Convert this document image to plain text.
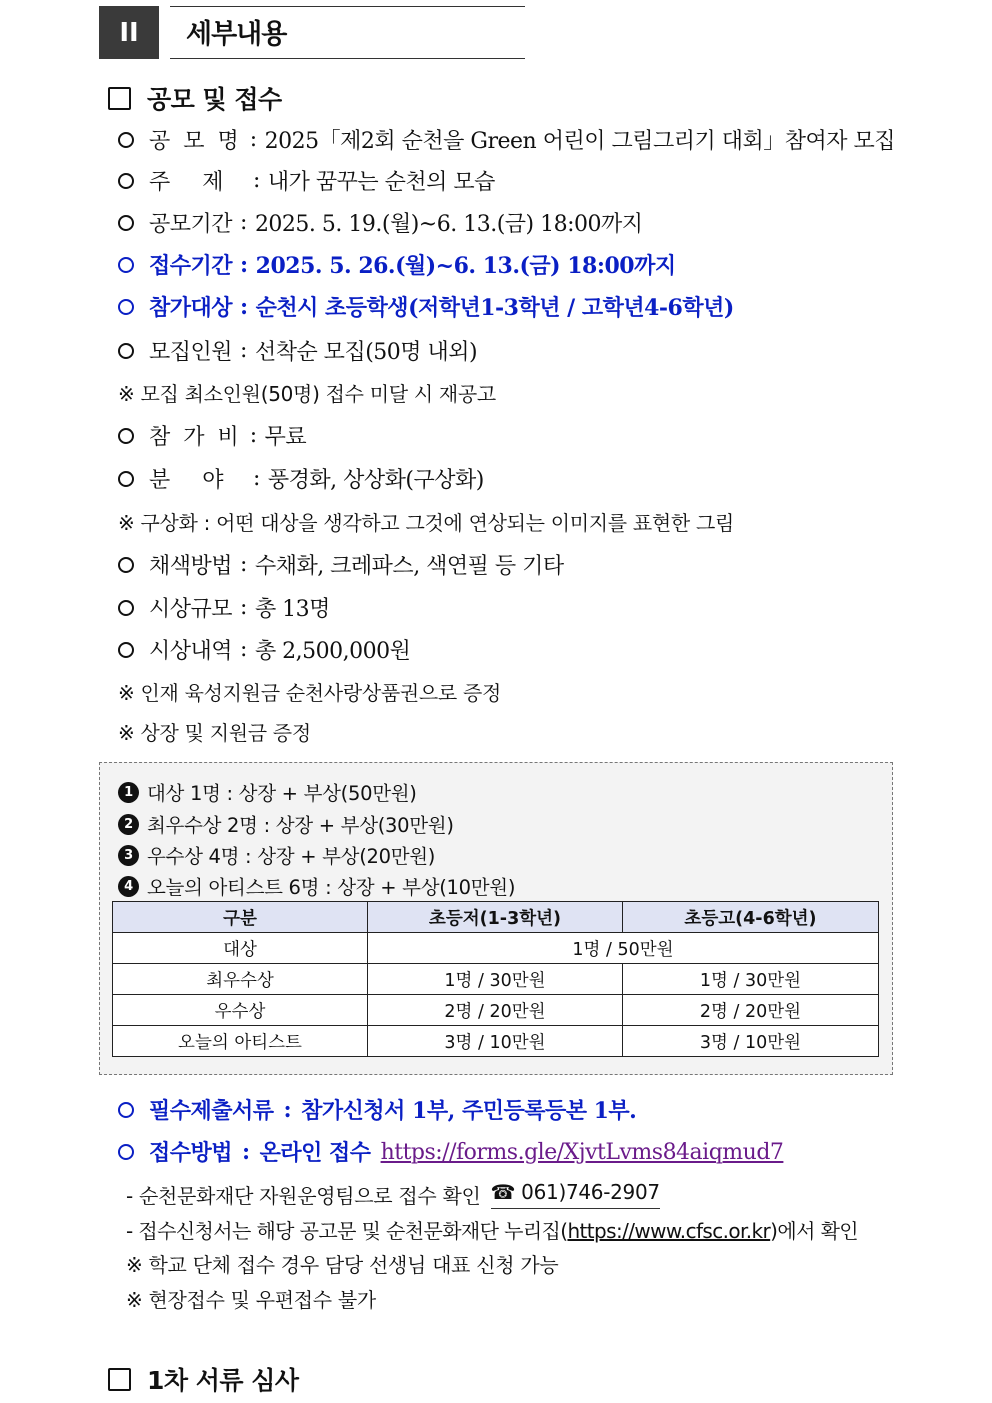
II	세부내용
공모 및 접수
공 모 명 : 2025「제2회 순천을 Green 어린이 그림그리기 대회」참여자 모집
주     제	: 내가 꿈꾸는 순천의 모습
공모기간 : 2025. 5. 19.(월)~6. 13.(금) 18:00까지
접수기간 : 2025. 5. 26.(월)~6. 13.(금) 18:00까지
참가대상 : 순천시 초등학생(저학년1-3학년 / 고학년4-6학년)
모집인원 : 선착순 모집(50명 내외)
※ 모집 최소인원(50명) 접수 미달 시 재공고
참 가 비 : 무료
분     야	: 풍경화, 상상화(구상화)
※ 구상화 : 어떤 대상을 생각하고 그것에 연상되는 이미지를 표현한 그림
채색방법 : 수채화, 크레파스, 색연필 등 기타
시상규모 : 총 13명
시상내역 : 총 2,500,000원
※ 인재 육성지원금 순천사랑상품권으로 증정
※ 상장 및 지원금 증정
1 대상 1명 : 상장 + 부상(50만원)
2 최우수상 2명 : 상장 + 부상(30만원)
3 우수상 4명 : 상장 + 부상(20만원)
4 오늘의 아티스트 6명 : 상장 + 부상(10만원)
구분	초등저(1-3학년)	초등고(4-6학년)
대상	1명 / 50만원	
최우수상	1명 / 30만원	1명 / 30만원
우수상	2명 / 20만원	2명 / 20만원
오늘의 아티스트	3명 / 10만원	3명 / 10만원
필수제출서류 : 참가신청서 1부, 주민등록등본 1부.
접수방법 : 온라인 접수 https://forms.gle/XjvtLvms84aiqmud7
- 순천문화재단 자원운영팀으로 접수 확인 ☎ 061)746-2907
- 접수신청서는 해당 공고문 및 순천문화재단 누리집(https://www.cfsc.or.kr)에서 확인
※ 학교 단체 접수 경우 담당 선생님 대표 신청 가능
※ 현장접수 및 우편접수 불가
1차 서류 심사
